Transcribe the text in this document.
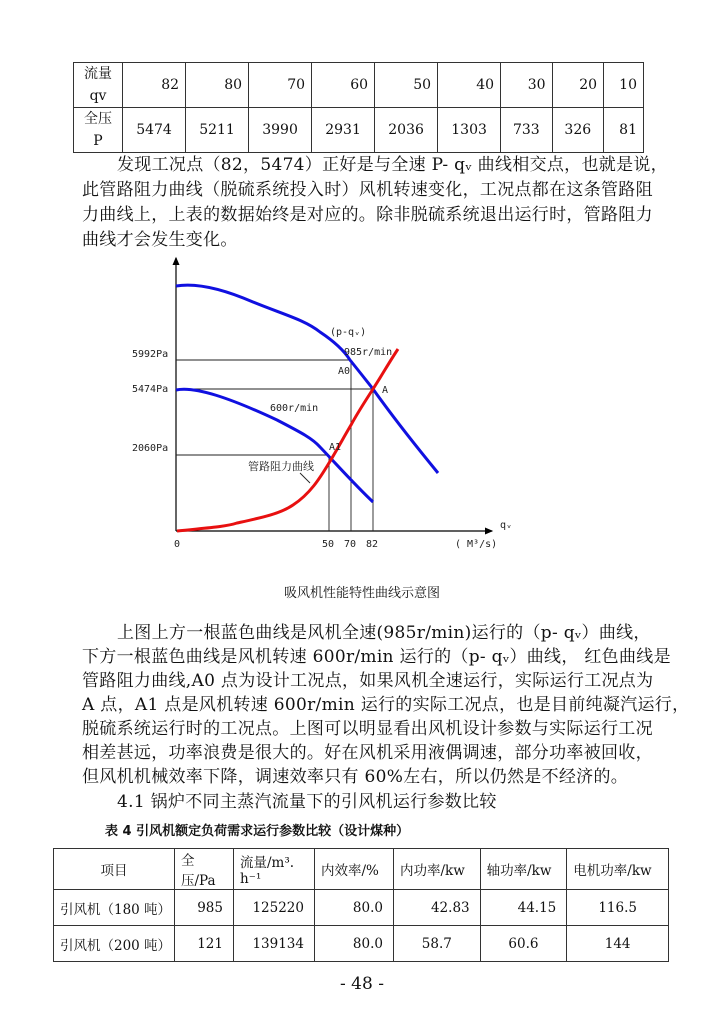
流量
qv	82	80	70	60	50	40	30	20	10
全压 P	5474	5211	3990	2931	2036	1303	733	326	81
发现工况点（82，5474）正好是与全速 P- qᵥ 曲线相交点，也就是说，
此管路阻力曲线（脱硫系统投入时）风机转速变化，工况点都在这条管路阻
力曲线上，上表的数据始终是对应的。除非脱硫系统退出运行时，管路阻力
曲线才会发生变化。
5992Pa
5474Pa
2060Pa
0	50 70 82
qᵥ
( M³/s)
(p-qᵥ)
985r/min
600r/min
管路阻力曲线
A0
A
A1
吸风机性能特性曲线示意图
上图上方一根蓝色曲线是风机全速(985r/min)运行的（p- qᵥ）曲线，
下方一根蓝色曲线是风机转速 600r/min 运行的（p- qᵥ）曲线， 红色曲线是
管路阻力曲线,A0 点为设计工况点，如果风机全速运行，实际运行工况点为
A 点，A1 点是风机转速 600r/min 运行的实际工况点，也是目前纯凝汽运行，
脱硫系统运行时的工况点。上图可以明显看出风机设计参数与实际运行工况
相差甚远，功率浪费是很大的。好在风机采用液偶调速，部分功率被回收，
但风机机械效率下降，调速效率只有 60%左右，所以仍然是不经济的。
4.1 锅炉不同主蒸汽流量下的引风机运行参数比较
表 4 引风机额定负荷需求运行参数比较（设计煤种）
项目	全压/Pa	流量/m³. h⁻¹	内效率/%	内功率/kw	轴功率/kw	电机功率/kw
引风机（180 吨）	985	125220	80.0	42.83	44.15	116.5
引风机（200 吨）	121	139134	80.0	58.7	60.6	144
- 48 -
